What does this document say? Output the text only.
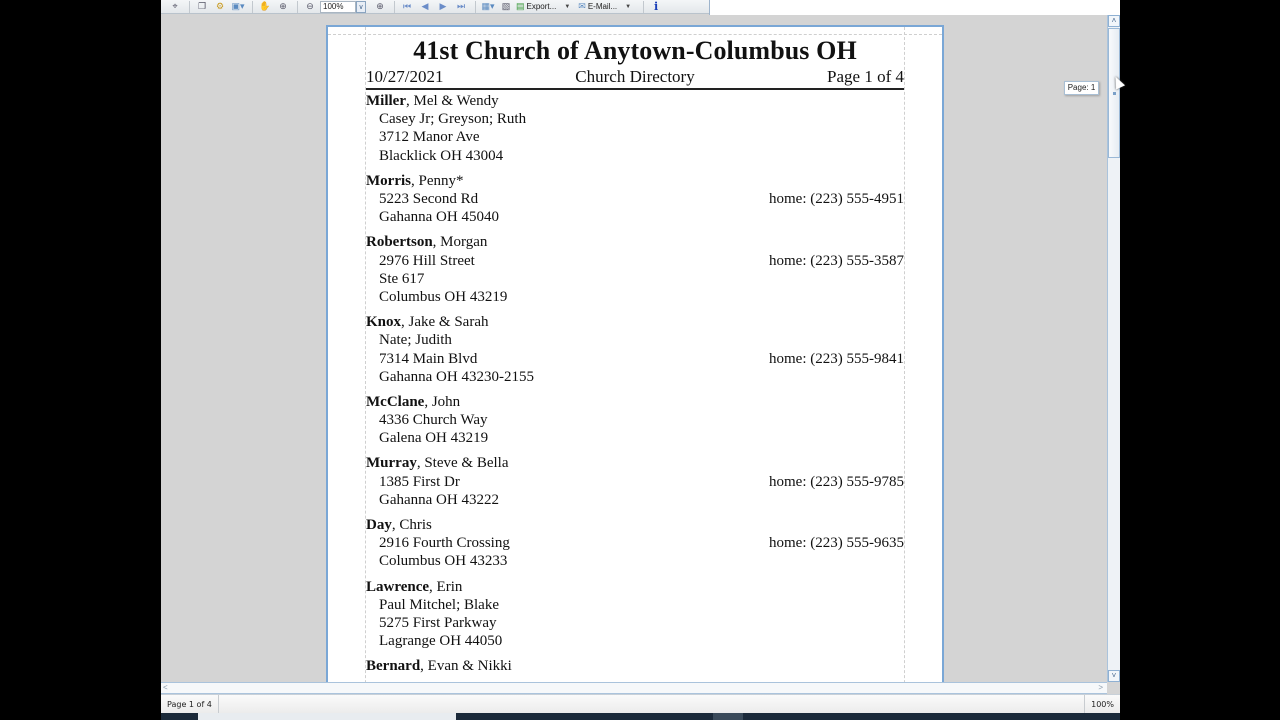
⌖	❐	⚙ ▣▾ ✋ ⊕	⊖	100%	∨	⊕	⏮	◀	▶	⏭	▦▾ ▧ ▤ Export... ▼ ✉ E-Mail... ▼	i
41st Church of Anytown-Columbus OH
10/27/2021	Church Directory	Page 1 of 4
Miller, Mel & Wendy
Casey Jr; Greyson; Ruth
3712 Manor Ave
Blacklick OH 43004
Morris, Penny*
5223 Second Rd	home: (223) 555-4951
Gahanna OH 45040
Robertson, Morgan
2976 Hill Street	home: (223) 555-3587
Ste 617
Columbus OH 43219
Knox, Jake & Sarah
Nate; Judith
7314 Main Blvd	home: (223) 555-9841
Gahanna OH 43230-2155
McClane, John
4336 Church Way
Galena OH 43219
Murray, Steve & Bella
1385 First Dr	home: (223) 555-9785
Gahanna OH 43222
Day, Chris
2916 Fourth Crossing	home: (223) 555-9635
Columbus OH 43233
Lawrence, Erin
Paul Mitchel; Blake
5275 First Parkway
Lagrange OH 44050
Bernard, Evan & Nikki
Page: 1
˄
˅
<	>
Page 1 of 4	100%
